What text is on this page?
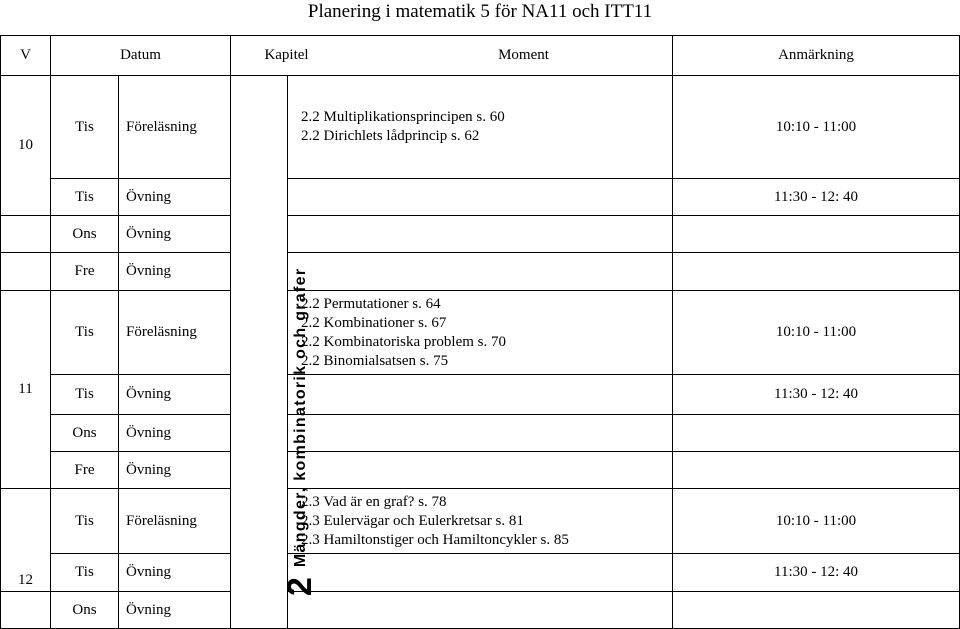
Planering i matematik 5 för NA11 och ITT11
V	Datum		Kapitel Moment		Anmärkning
10	Tis	Föreläsning	2Mängder, kombinatorik och grafer	2.2 Multiplikationsprincipen s. 60
2.2 Dirichlets lådprincip s. 62	10:10 - 11:00
	Tis	Övning			11:30 - 12: 40
	Ons	Övning			
	Fre	Övning			
11	Tis	Föreläsning		2.2 Permutationer s. 64
2.2 Kombinationer s. 67
2.2 Kombinatoriska problem s. 70
2.2 Binomialsatsen s. 75	10:10 - 11:00
	Tis	Övning			11:30 - 12: 40
	Ons	Övning			
	Fre	Övning			
12	Tis	Föreläsning		2.3 Vad är en graf? s. 78
2.3 Eulervägar och Eulerkretsar s. 81
2.3 Hamiltonstiger och Hamiltoncykler s. 85	10:10 - 11:00
	Tis	Övning			11:30 - 12: 40
	Ons	Övning			
